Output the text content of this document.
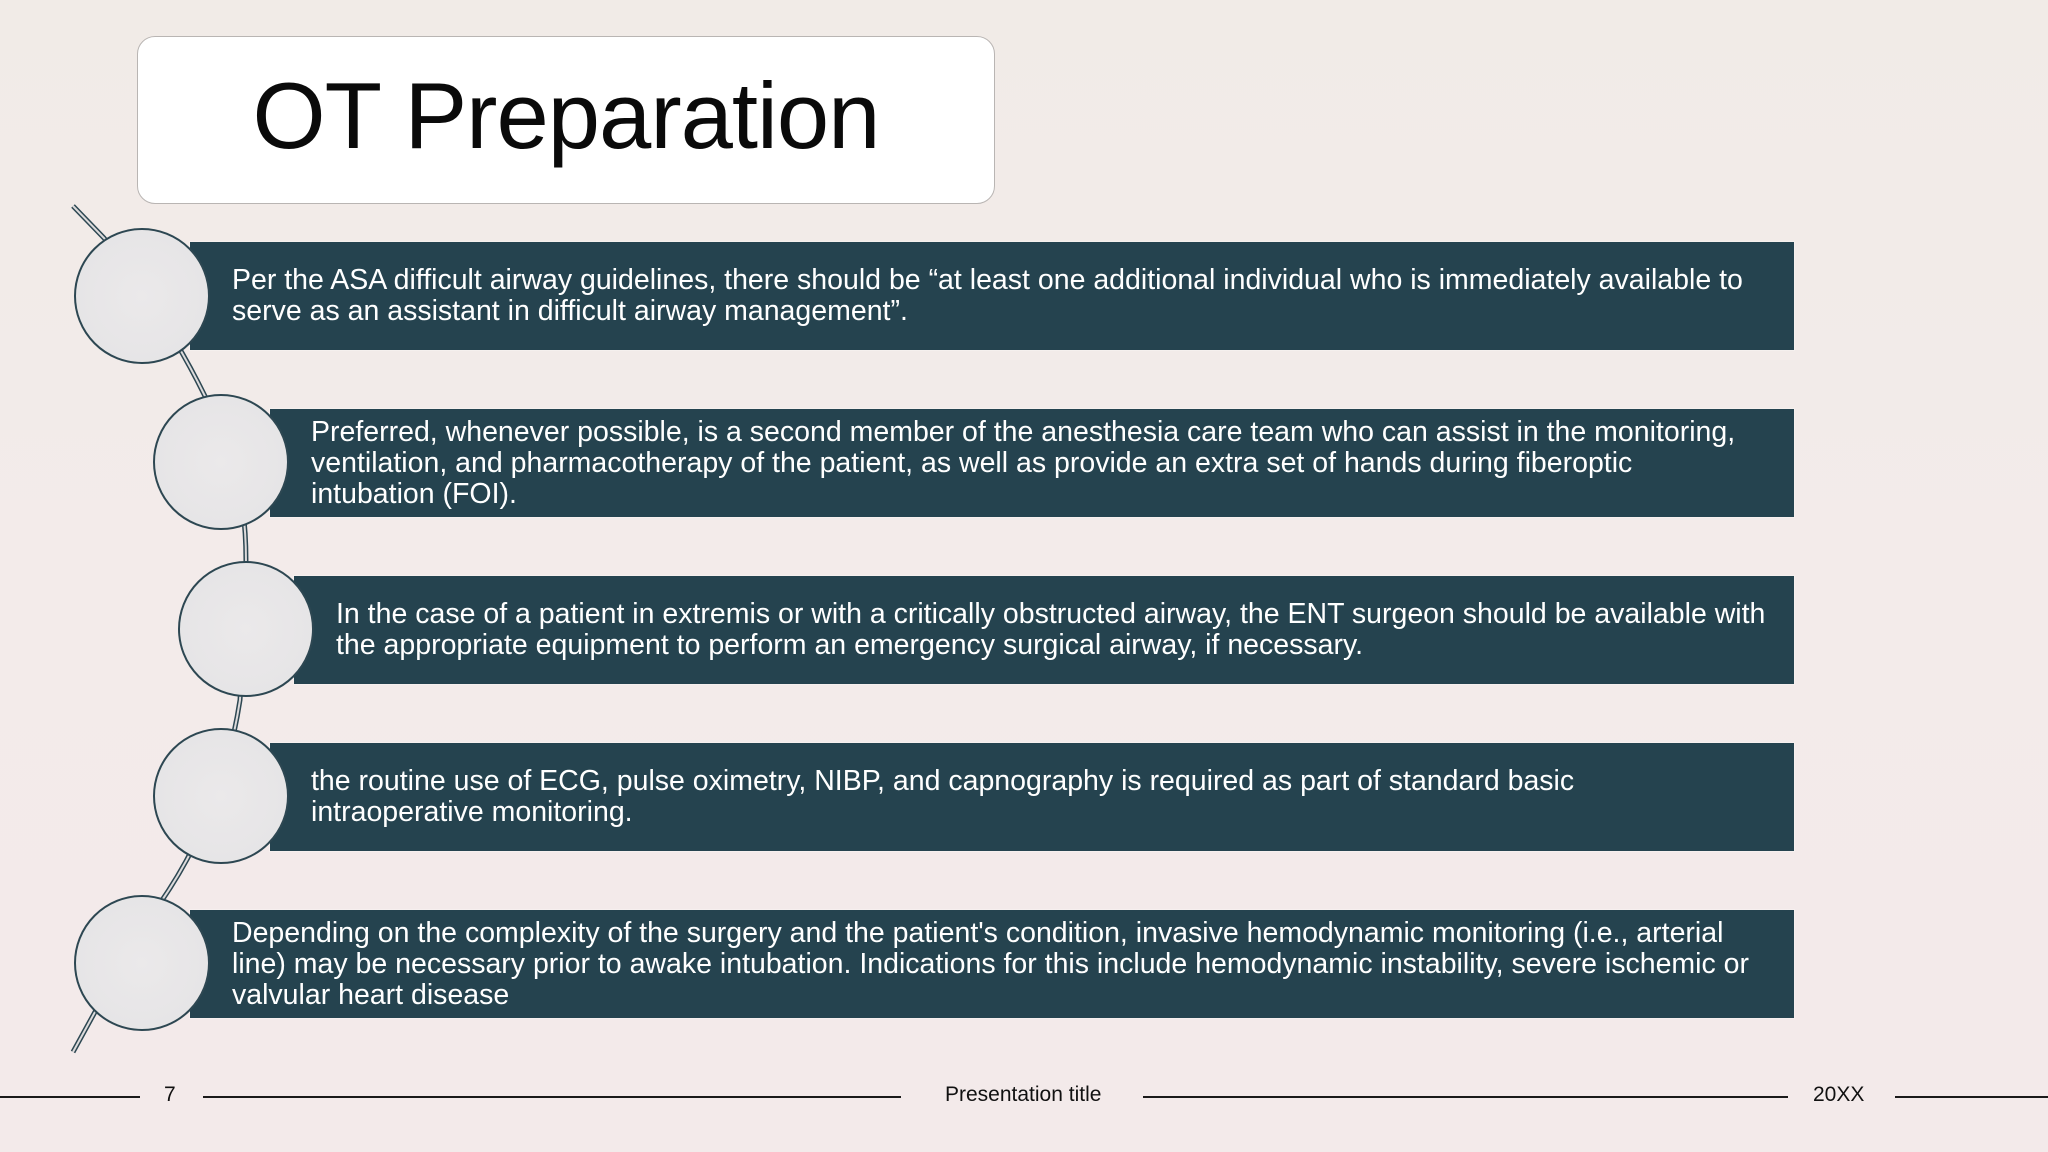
OT Preparation
Per the ASA difficult airway guidelines, there should be “at least one additional individual who is immediately available to serve as an assistant in difficult airway management”.
Preferred, whenever possible, is a second member of the anesthesia care team who can assist in the monitoring, ventilation, and pharmacotherapy of the patient, as well as provide an extra set of hands during fiberoptic intubation (FOI).
In the case of a patient in extremis or with a critically obstructed airway, the ENT surgeon should be available with the appropriate equipment to perform an emergency surgical airway, if necessary.
the routine use of ECG, pulse oximetry, NIBP, and capnography is required as part of standard basic intraoperative monitoring.
Depending on the complexity of the surgery and the patient's condition, invasive hemodynamic monitoring (i.e., arterial line) may be necessary prior to awake intubation. Indications for this include hemodynamic instability, severe ischemic or valvular heart disease
7	Presentation title	20XX
